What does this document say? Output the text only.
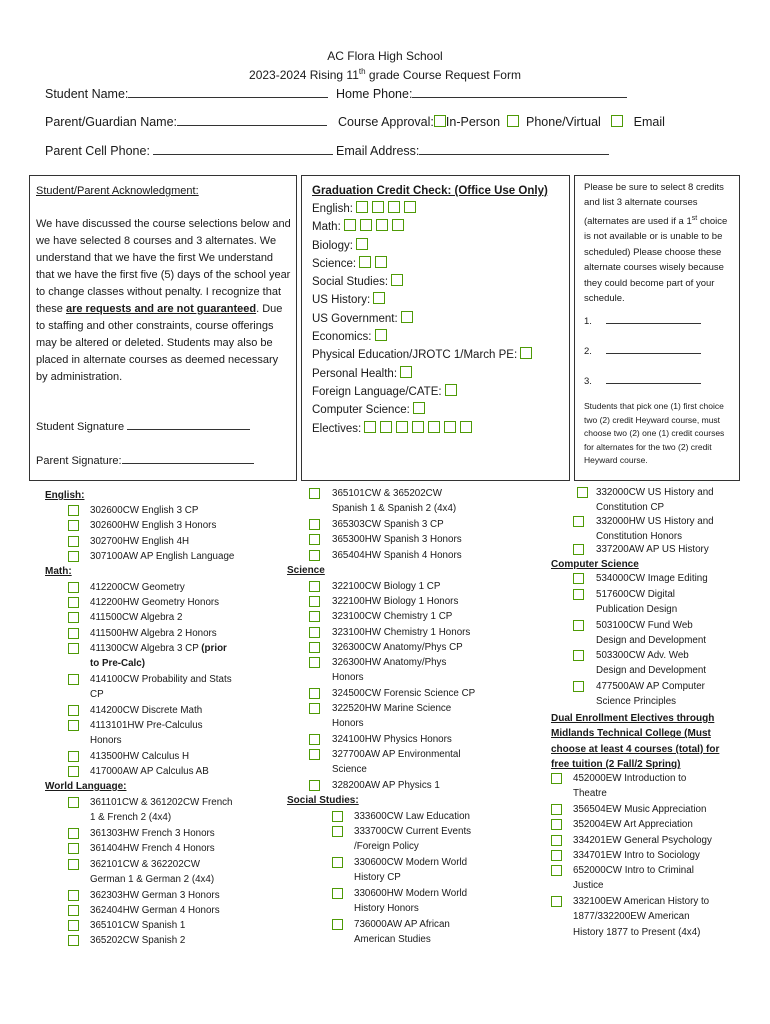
AC Flora High School
2023-2024 Rising 11th grade Course Request Form
Student Name:	Home Phone:
Parent/Guardian Name:	Course Approval: In-Person Phone/Virtual	Email
Parent Cell Phone:	Email Address:
Student/Parent Acknowledgment:
We have discussed the course selections below and we have selected 8 courses and 3 alternates. We understand that we have the first We understand that we have the first five (5) days of the school year to change classes without penalty. I recognize that these are requests and are not guaranteed. Due to staffing and other constraints, course offerings may be altered or deleted. Students may also be placed in alternate courses as deemed necessary by administration.
Student Signature
Parent Signature:
Graduation Credit Check: (Office Use Only)
English:
Math:
Biology:
Science:
Social Studies:
US History:
US Government:
Economics:
Physical Education/JROTC 1/March PE:
Personal Health:
Foreign Language/CATE:
Computer Science:
Electives:
Please be sure to select 8 credits and list 3 alternate courses (alternates are used if a 1st choice is not available or is unable to be scheduled) Please choose these alternate courses wisely because they could become part of your schedule.
1.
2.
3.
Students that pick one (1) first choice two (2) credit Heyward course, must choose two (2) one (1) credit courses for alternates for the two (2) credit Heyward course.
English:
302600CW English 3 CP
302600HW English 3 Honors
302700HW English 4H
307100AW AP English Language
Math:
412200CW Geometry
412200HW Geometry Honors
411500CW Algebra 2
411500HW Algebra 2 Honors
411300CW Algebra 3 CP (prior
to Pre-Calc)
414100CW Probability and Stats
CP
414200CW Discrete Math
4113101HW Pre-Calculus
Honors
413500HW Calculus H
417000AW AP Calculus AB
World Language:
361101CW & 361202CW French
1 & French 2 (4x4)
361303HW French 3 Honors
361404HW French 4 Honors
362101CW & 362202CW
German 1 & German 2 (4x4)
362303HW German 3 Honors
362404HW German 4 Honors
365101CW Spanish 1
365202CW Spanish 2
365101CW & 365202CW
Spanish 1 & Spanish 2 (4x4)
365303CW Spanish 3 CP
365300HW Spanish 3 Honors
365404HW Spanish 4 Honors
Science
322100CW Biology 1 CP
322100HW Biology 1 Honors
323100CW Chemistry 1 CP
323100HW Chemistry 1 Honors
326300CW Anatomy/Phys CP
326300HW Anatomy/Phys
Honors
324500CW Forensic Science CP
322520HW Marine Science
Honors
324100HW Physics Honors
327700AW AP Environmental
Science
328200AW AP Physics 1
Social Studies:
333600CW Law Education
333700CW Current Events
/Foreign Policy
330600CW Modern World
History CP
330600HW Modern World
History Honors
736000AW AP African
American Studies
332000CW US History and
Constitution CP
332000HW US History and
Constitution Honors
337200AW AP US History
Computer Science
534000CW Image Editing
517600CW Digital
Publication Design
503100CW Fund Web
Design and Development
503300CW Adv. Web
Design and Development
477500AW AP Computer
Science Principles
Dual Enrollment Electives through
Midlands Technical College (Must
choose at least 4 courses (total) for
free tuition (2 Fall/2 Spring)
452000EW Introduction to
Theatre
356504EW Music Appreciation
352004EW Art Appreciation
334201EW General Psychology
334701EW Intro to Sociology
652000CW Intro to Criminal
Justice
332100EW American History to
1877/332200EW American
History 1877 to Present (4x4)
